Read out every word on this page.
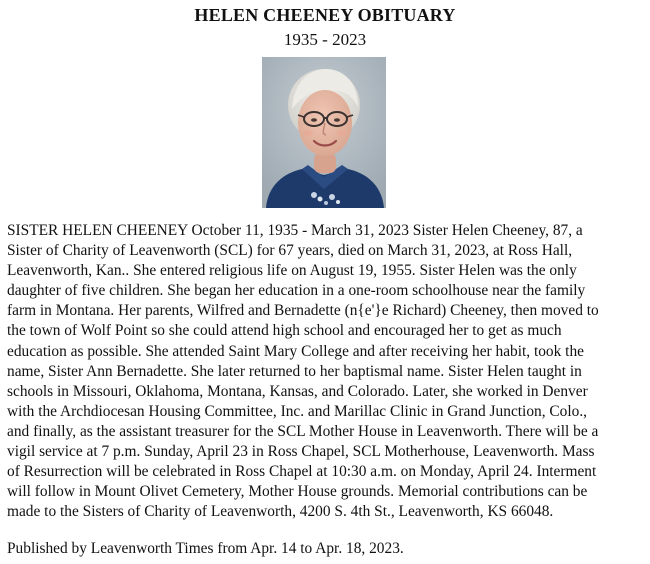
HELEN CHEENEY OBITUARY
1935 - 2023

SISTER HELEN CHEENEY October 11, 1935 - March 31, 2023 Sister Helen Cheeney, 87, a
Sister of Charity of Leavenworth (SCL) for 67 years, died on March 31, 2023, at Ross Hall,
Leavenworth, Kan.. She entered religious life on August 19, 1955. Sister Helen was the only
daughter of five children. She began her education in a one-room schoolhouse near the family
farm in Montana. Her parents, Wilfred and Bernadette (n{e'}e Richard) Cheeney, then moved to
the town of Wolf Point so she could attend high school and encouraged her to get as much
education as possible. She attended Saint Mary College and after receiving her habit, took the
name, Sister Ann Bernadette. She later returned to her baptismal name. Sister Helen taught in
schools in Missouri, Oklahoma, Montana, Kansas, and Colorado. Later, she worked in Denver
with the Archdiocesan Housing Committee, Inc. and Marillac Clinic in Grand Junction, Colo.,
and finally, as the assistant treasurer for the SCL Mother House in Leavenworth. There will be a
vigil service at 7 p.m. Sunday, April 23 in Ross Chapel, SCL Motherhouse, Leavenworth. Mass
of Resurrection will be celebrated in Ross Chapel at 10:30 a.m. on Monday, April 24. Interment
will follow in Mount Olivet Cemetery, Mother House grounds. Memorial contributions can be
made to the Sisters of Charity of Leavenworth, 4200 S. 4th St., Leavenworth, KS 66048.

Published by Leavenworth Times from Apr. 14 to Apr. 18, 2023.
